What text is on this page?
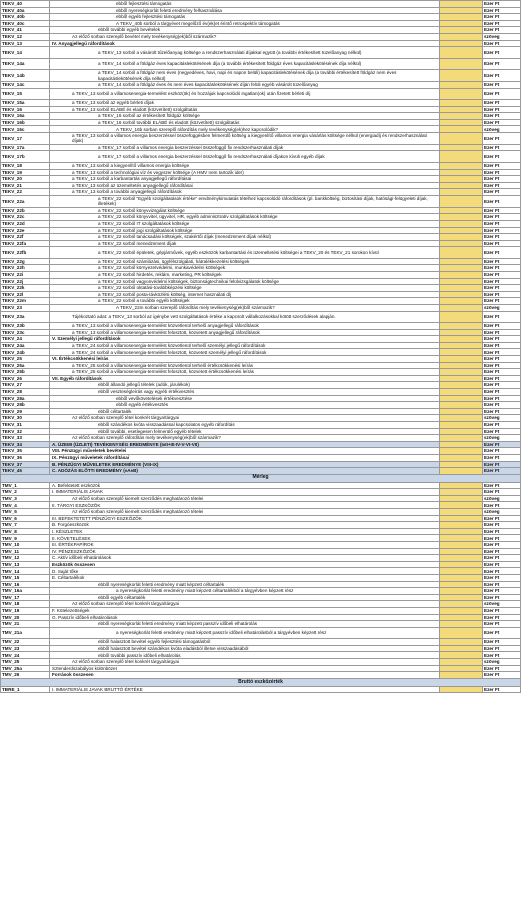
TEKV_40	ebből fejlesztési támogatás		Ezer Ft
TEKV_40a	ebből nyereségkorlát feletti eredmény felhasználása		Ezer Ft
TEKV_40b	ebből egyéb fejlesztési támogatás		Ezer Ft
TEKV_40c	A TEKV_40b sorból a tárgyévet megelőző év(ek)et érintő retrospektív támogatás		Ezer Ft
TEKV_41	ebből további egyéb bevételek		Ezer Ft
TEKV_12	Az előző sorban szereplő bevétel mely tevékenység(ek)ből származik?		szöveg
TEKV_13	IV. Anyagjellegű ráfordítások		Ezer Ft
TEKV_14	a TEKV_13 sorból a vásárolt tűzelőanyag költsége a rendszerhasználati díjakkal együtt (a további értékesített tüzelőanyag nélkül)		Ezer Ft
TEKV_14a	a TEKV_14 sorból a földgáz éves kapacitáslekötésének díja (a további értékesített földgáz éves kapacitáslekötésének díja nélkül)		Ezer Ft
TEKV_14b	a TEKV_14 sorból a földgáz nem éves (negyedéves, havi, napi és napon belüli) kapacitáslekötésének díja (a további értékesített földgáz nem éves kapacitáslekötésének díja nélkül)		Ezer Ft
TEKV_14c	a TEKV_14 sorból a földgáz éves és nem éves kapacitáslekötésének díján felüli egyéb vásárolt tüzelőanyag		Ezer Ft
TEKV_15	a TEKV_13 sorból a villamosenergia-termelést eszköz(ök) és hozzájuk kapcsolódó ingatlan(ok) után fizetett bérleti díj		Ezer Ft
TEKV_15a	a TEKV_13 sorból az egyéb bérleti díjak		Ezer Ft
TEKV_16	a TEKV_13 sorból ELÁBÉ és eladott (közvetített) szolgáltatás		Ezer Ft
TEKV_16a	a TEKV_16 sorból az értékesített földgáz költsége		Ezer Ft
TEKV_16b	a TEKV_16 sorból további ELÁBÉ és eladott (közvetített) szolgáltatás		Ezer Ft
TEKV_16c	A TEKV_16b sorban szereplő ráfordítás mely tevékenység(ek)hez kapcsolódik?		szöveg
TEKV_17	a TEKV_13 sorból a villamos energia beszerzéssel összefüggésben felmerülő költség a kiegyenlítő villamos energia vásárlás költsége nélkül (energiadíj és rendszerhasználati díjak)		Ezer Ft
TEKV_17a	a TEKV_17 sorból a villamos energia beszerzéssel összefüggő fix rendszerhasználati díjak		Ezer Ft
TEKV_17b	a TEKV_17 sorból a villamos energia beszerzéssel összefüggő fix rendszerhasználati díjakon kívüli egyéb díjak		Ezer Ft
TEKV_18	a TEKV_13 sorból a kiegyenlítő villamos energia költsége		Ezer Ft
TEKV_19	a TEKV_13 sorból a technológiai víz és vegyszer költsége (A HMV nem tartozik ide!)		Ezer Ft
TEKV_20	a TEKV_13 sorból a karbantartás anyagjellegű ráfordításai		Ezer Ft
TEKV_21	a TEKV_13 sorból az üzemeltetés anyagjellegű ráfordításai		Ezer Ft
TEKV_22	a TEKV_13 sorból a további anyagjellegű ráfordítások		Ezer Ft
TEKV_22a	a TEKV_22 sorból "Egyéb szolgáltatások értéke" eredménykimutatás tételhez kapcsolódó ráfordítások (pl. bankköltség, biztosítási díjak, hatósági-felügyeleti díjak, illetékek)		Ezer Ft
TEKV_22b	a TEKV_22 sorból könyvvizsgálat költsége		Ezer Ft
TEKV_22c	a TEKV_22 sorból könyvvitel, ügyvitel, HR, egyéb adminisztratív szolgáltatások költsége		Ezer Ft
TEKV_22d	a TEKV_22 sorból IT szolgáltatások költsége		Ezer Ft
TEKV_22e	a TEKV_22 sorból jogi szolgáltatások költsége		Ezer Ft
TEKV_22f	a TEKV_22 sorból tanácsadási költségek, szakértői díjak (menedzsment díjak nélkül)		Ezer Ft
TEKV_22fa	a TEKV_22 sorból menedzsment díjak		Ezer Ft
TEKV_22fb	a TEKV_22 sorból épületek, gépjárművek, egyéb eszközök karbantartási és üzemeltetési költségei a TEKV_20 és TEKV_21 sorokon kívül		Ezer Ft
TEKV_22g	a TEKV_22 sorból számlázási, ügyfélszolgálati, hátralékkezelési költségek		Ezer Ft
TEKV_22h	a TEKV_22 sorból környezetvédelmi, munkavédelmi költségek		Ezer Ft
TEKV_22i	a TEKV_22 sorból hirdetés, reklám, marketing, PR költségek		Ezer Ft
TEKV_22j	a TEKV_22 sorból vagyonvédelmi költségek, biztonságtechnikai felülvizsgálatok költsége		Ezer Ft
TEKV_22k	a TEKV_22 sorból oktatási-továbbképzési költsége		Ezer Ft
TEKV_22l	a TEKV_22 sorból posta-távközlési költség, internet használati díj		Ezer Ft
TEKV_22m	a TEKV_22 sorból a további egyéb költségek		Ezer Ft
TEKV_23	A TEKV_22m sorban szereplő ráfordítás mely tevékenység(ek)ből származik?		szöveg
TEKV_23a	Tájékoztató adat: a TEKV_13 sorból az igénybe vett szolgáltatások értéke a kapcsolt vállalkozásokkal kötött szerződések alapján.		Ezer Ft
TEKV_23b	a TEKV_13 sorból a villamosenergia-termelést közvetlenül terhelő anyagjellegű ráfordítások		Ezer Ft
TEKV_23c	a TEKV_13 sorból a villamosenergia-termelést felosztott, közvetett anyagjellegű ráfordítások		Ezer Ft
TEKV_24	V. Személyi jellegű ráfordítások		Ezer Ft
TEKV_24a	a TEKV_24 sorból a villamosenergia-termelést közvetlenül terhelő személyi jellegű ráfordítások		Ezer Ft
TEKV_24b	a TEKV_24 sorból a villamosenergia-termelést felosztott, közvetett személyi jellegű ráfordítások		Ezer Ft
TEKV_25	VI. Értékcsökkenési leírás		Ezer Ft
TEKV_25a	a TEKV_25 sorból a villamosenergia-termelést közvetlenül terhelő értékcsökkenési leírás		Ezer Ft
TEKV_25b	a TEKV_25 sorból a villamosenergia-termelést felosztott, közvetett értékcsökkenési leírás		Ezer Ft
TEKV_26	VII. Egyéb ráfordítások		Ezer Ft
TEKV_27	ebből állandó jellegű tételek (adók, járulékok)		Ezer Ft
TEKV_28	ebből veszteségleírás vagy egyéb értékvesztés		Ezer Ft
TEKV_28a	ebből vevőkövetelések értékvesztése		Ezer Ft
TEKV_28b	ebből egyéb értékvesztés		Ezer Ft
TEKV_29	ebből céltartalék		Ezer Ft
TEKV_30	Az előző sorban szereplő tétel konkrét tárgya/tárgyai		szöveg
TEKV_31	ebből szándékos kvóta visszaadással kapcsolatos egyéb ráfordítás		Ezer Ft
TEKV_32	ebből további, esetlegesen felmerülő egyéb tételek		Ezer Ft
TEKV_33	Az előző sorban szereplő ráfordítás mely tevékenység(ek)ből származik?		szöveg
TEKV_34	A. ÜZEMI (ÜZLETI) TEVÉKENYSÉG EREDMÉNYE (I±II+III-IV-V-VI-VII)		Ezer Ft
TEKV_35	VIII. Pénzügyi műveletek bevételei		Ezer Ft
TEKV_36	IX. Pénzügyi műveletek ráfordításai		Ezer Ft
TEKV_37	B. PÉNZÜGYI MŰVELETEK EREDMÉNYE (VIII-IX)		Ezer Ft
TEKV_45	C. ADÓZÁS ELŐTTI EREDMÉNY (±A±B)		Ezer Ft
Mérleg			
TMV_1	A. Befektetett eszközök		Ezer Ft
TMV_2	I. IMMATERIÁLIS JAVAK		Ezer Ft
TMV_3	Az előző sorban szereplő kiemelt szerződés meghatározó tételei		szöveg
TMV_4	II. TÁRGYI ESZKÖZÖK		Ezer Ft
TMV_5	Az előző sorban szereplő kiemelt szerződés meghatározó tételei		szöveg
TMV_6	III. BEFEKTETETT PÉNZÜGYI ESZKÖZÖK		Ezer Ft
TMV_7	B. Forgóeszközök		Ezer Ft
TMV_8	I. KÉSZLETEK		Ezer Ft
TMV_9	II. KÖVETELÉSEK		Ezer Ft
TMV_10	III. ÉRTÉKPAPÍROK		Ezer Ft
TMV_11	IV. PÉNZESZKÖZÖK		Ezer Ft
TMV_12	C. Aktív időbeli elhatárolások		Ezer Ft
TMV_13	Eszközök összesen		Ezer Ft
TMV_14	D. Saját tőke		Ezer Ft
TMV_15	E. Céltartalékok		Ezer Ft
TMV_16	ebből nyereségkorlát feletti eredmény miatt képzett céltartalék		Ezer Ft
TMV_16a	a nyereségkorlát feletti eredmény miatt képzett céltartalékból a tárgyévben képzett rész		Ezer Ft
TMV_17	ebből egyéb céltartalék		Ezer Ft
TMV_18	Az előző sorban szereplő tétel konkrét tárgya/tárgyai		szöveg
TMV_19	F. Kötelezettségek		Ezer Ft
TMV_20	G. Passzív időbeli elhatárolások		Ezer Ft
TMV_21	ebből nyereségkorlát feletti eredmény miatt képzett passzív időbeli elhatárolás		Ezer Ft
TMV_21a	a nyereségkorlát feletti eredmény miatt képzett passzív időbeli elhatárolásból a tárgyévben képzett rész		Ezer Ft
TMV_22	ebből halasztott bevétel egyéb fejlesztési támogatásból		Ezer Ft
TMV_23	ebből halasztott bevétel szándékos kvóta eladásból illetve visszaadásából		Ezer Ft
TMV_24	ebből további passzív időbeli elhatárolás		Ezer Ft
TMV_25	Az előző sorban szereplő tétel konkrét tárgya/tárgyai		szöveg
TMV_25a	Sztenderdszabályos különbözet		Ezer Ft
TMV_26	Források összesen		Ezer Ft
Bruttó eszközérték			
TBRE_1	I. IMMATERIÁLIS JAVAK BRUTTÓ ÉRTÉKE		Ezer Ft
